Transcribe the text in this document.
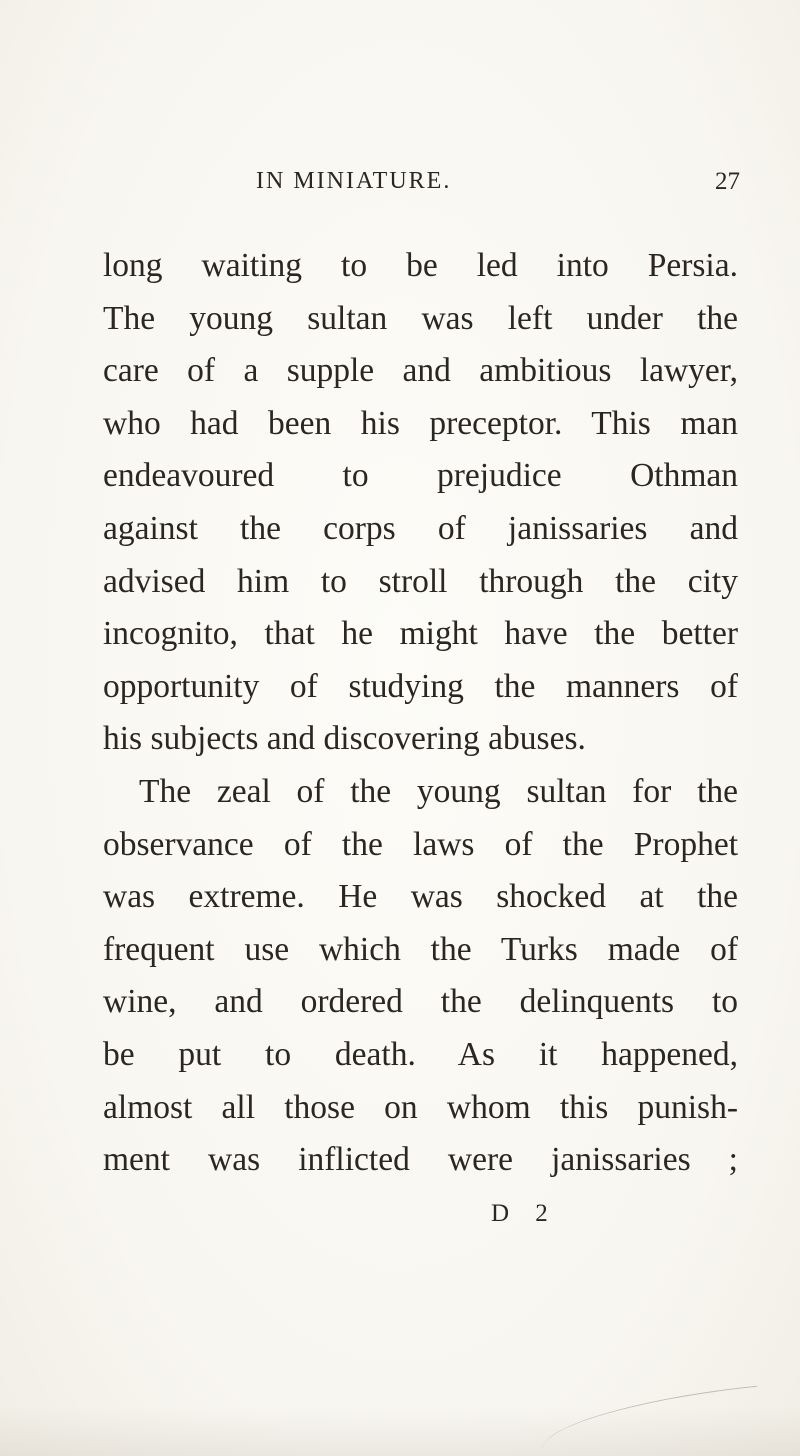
IN MINIATURE.	27
long waiting to be led into Persia.
The young sultan was left under the
care of a supple and ambitious lawyer,
who had been his preceptor. This man
endeavoured to prejudice Othman
against the corps of janissaries and
advised him to stroll through the city
incognito, that he might have the better
opportunity of studying the manners of
his subjects and discovering abuses.
The zeal of the young sultan for the
observance of the laws of the Prophet
was extreme. He was shocked at the
frequent use which the Turks made of
wine, and ordered the delinquents to
be put to death. As it happened,
almost all those on whom this punish-
ment was inflicted were janissaries ;
D 2
